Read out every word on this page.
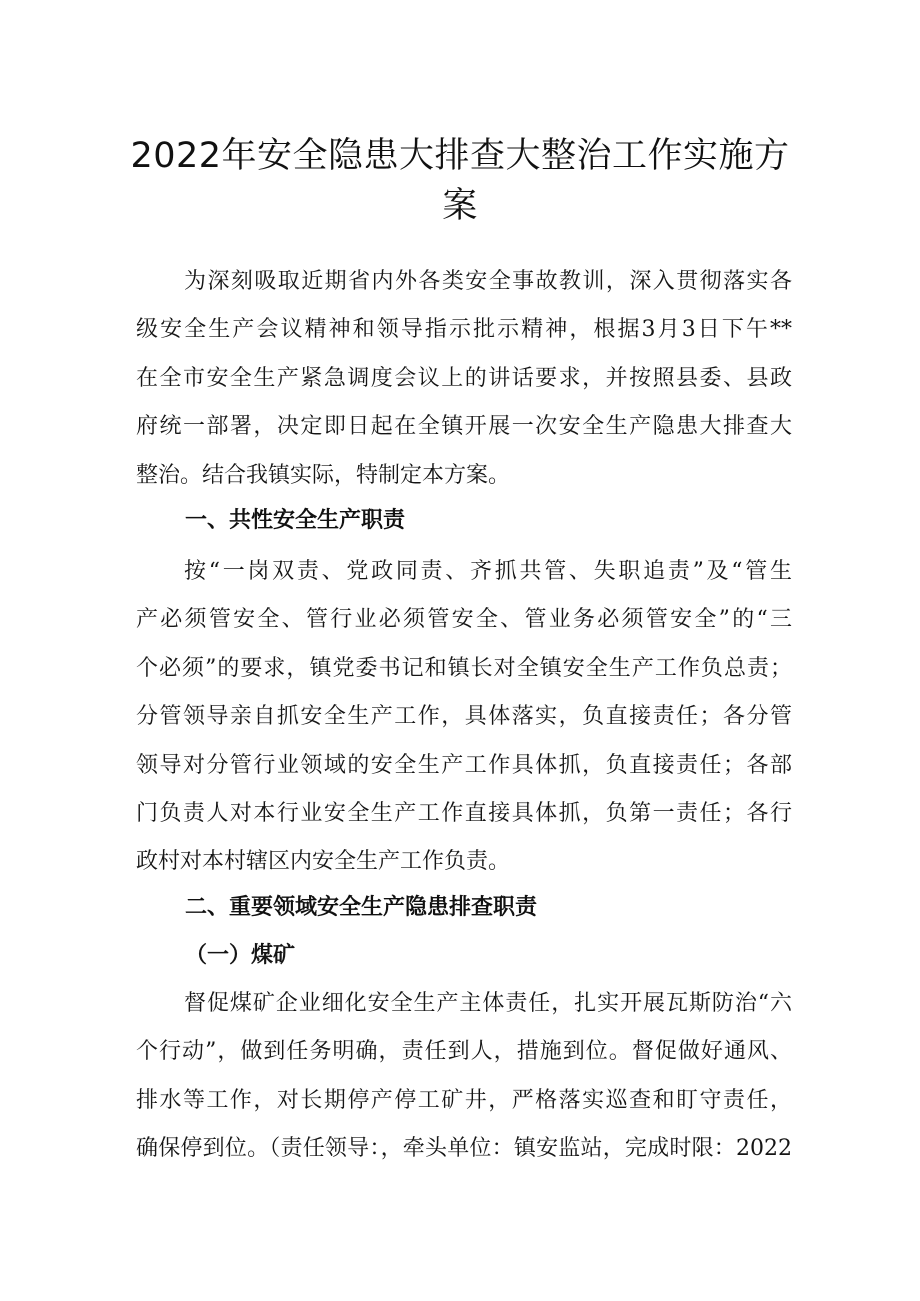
2022年安全隐患大排查大整治工作实施方
案
为深刻吸取近期省内外各类安全事故教训，深入贯彻落实各
级安全生产会议精神和领导指示批示精神，根据3月3日下午**
在全市安全生产紧急调度会议上的讲话要求，并按照县委、县政
府统一部署，决定即日起在全镇开展一次安全生产隐患大排查大
整治。结合我镇实际，特制定本方案。
一、共性安全生产职责
按“一岗双责、党政同责、齐抓共管、失职追责”及“管生
产必须管安全、管行业必须管安全、管业务必须管安全”的“三
个必须”的要求，镇党委书记和镇长对全镇安全生产工作负总责；
分管领导亲自抓安全生产工作，具体落实，负直接责任；各分管
领导对分管行业领域的安全生产工作具体抓，负直接责任；各部
门负责人对本行业安全生产工作直接具体抓，负第一责任；各行
政村对本村辖区内安全生产工作负责。
二、重要领域安全生产隐患排查职责
（一）煤矿
督促煤矿企业细化安全生产主体责任，扎实开展瓦斯防治“六
个行动”，做到任务明确，责任到人，措施到位。督促做好通风、
排水等工作，对长期停产停工矿井，严格落实巡查和盯守责任，
确保停到位。（责任领导：，牵头单位：镇安监站，完成时限：2022
